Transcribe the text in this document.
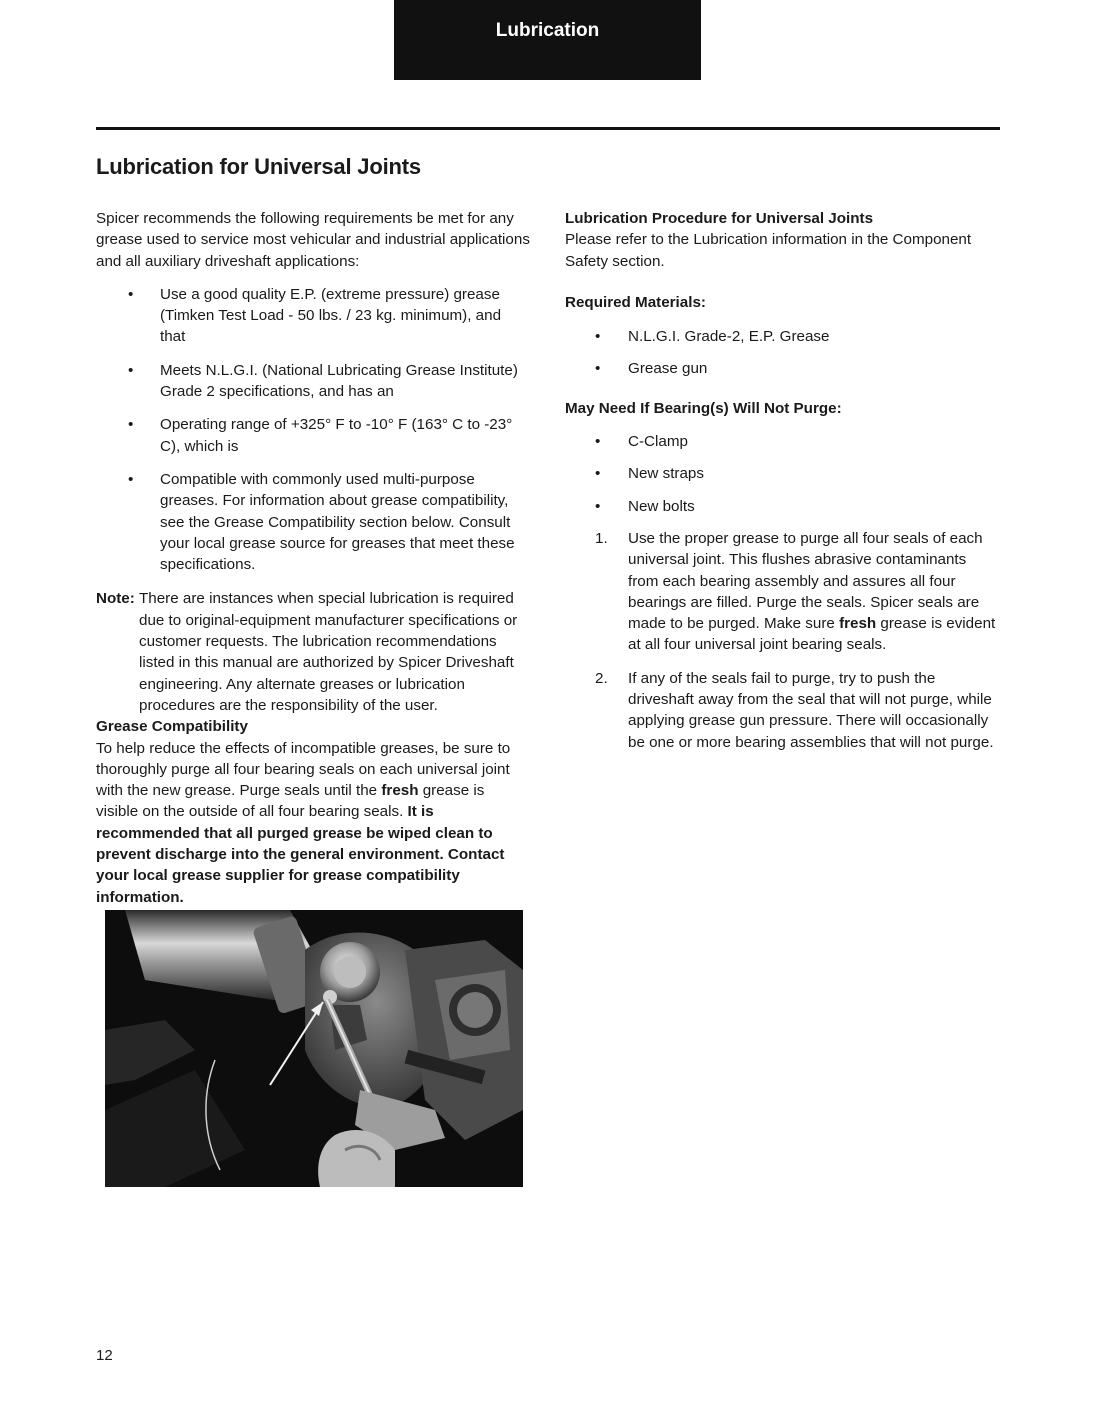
Lubrication
Lubrication for Universal Joints

Spicer recommends the following requirements be met for any grease used to service most vehicular and industrial applications and all auxiliary driveshaft applications:

• Use a good quality E.P. (extreme pressure) grease (Timken Test Load - 50 lbs. / 23 kg. minimum), and that
• Meets N.L.G.I. (National Lubricating Grease Institute) Grade 2 specifications, and has an
• Operating range of +325° F to -10° F (163° C to -23° C), which is
• Compatible with commonly used multi-purpose greases. For information about grease compatibility, see the Grease Compatibility section below. Consult your local grease source for greases that meet these specifications.
Note: There are instances when special lubrication is required due to original-equipment manufacturer specifications or customer requests. The lubrication recommendations listed in this manual are authorized by Spicer Driveshaft engineering. Any alternate greases or lubrication procedures are the responsibility of the user.

Grease Compatibility

To help reduce the effects of incompatible greases, be sure to thoroughly purge all four bearing seals on each universal joint with the new grease. Purge seals until the fresh grease is visible on the outside of all four bearing seals. It is recommended that all purged grease be wiped clean to prevent discharge into the general environment. Contact your local grease supplier for grease compatibility information.

Lubrication Procedure for Universal Joints

Please refer to the Lubrication information in the Component Safety section.

Required Materials:

• N.L.G.I. Grade-2, E.P. Grease
• Grease gun

May Need If Bearing(s) Will Not Purge:

• C-Clamp
• New straps
• New bolts
1. Use the proper grease to purge all four seals of each universal joint. This flushes abrasive contaminants from each bearing assembly and assures all four bearings are filled. Purge the seals. Spicer seals are made to be purged. Make sure fresh grease is evident at all four universal joint bearing seals.
2. If any of the seals fail to purge, try to push the driveshaft away from the seal that will not purge, while applying grease gun pressure. There will occasionally be one or more bearing assemblies that will not purge.
12
